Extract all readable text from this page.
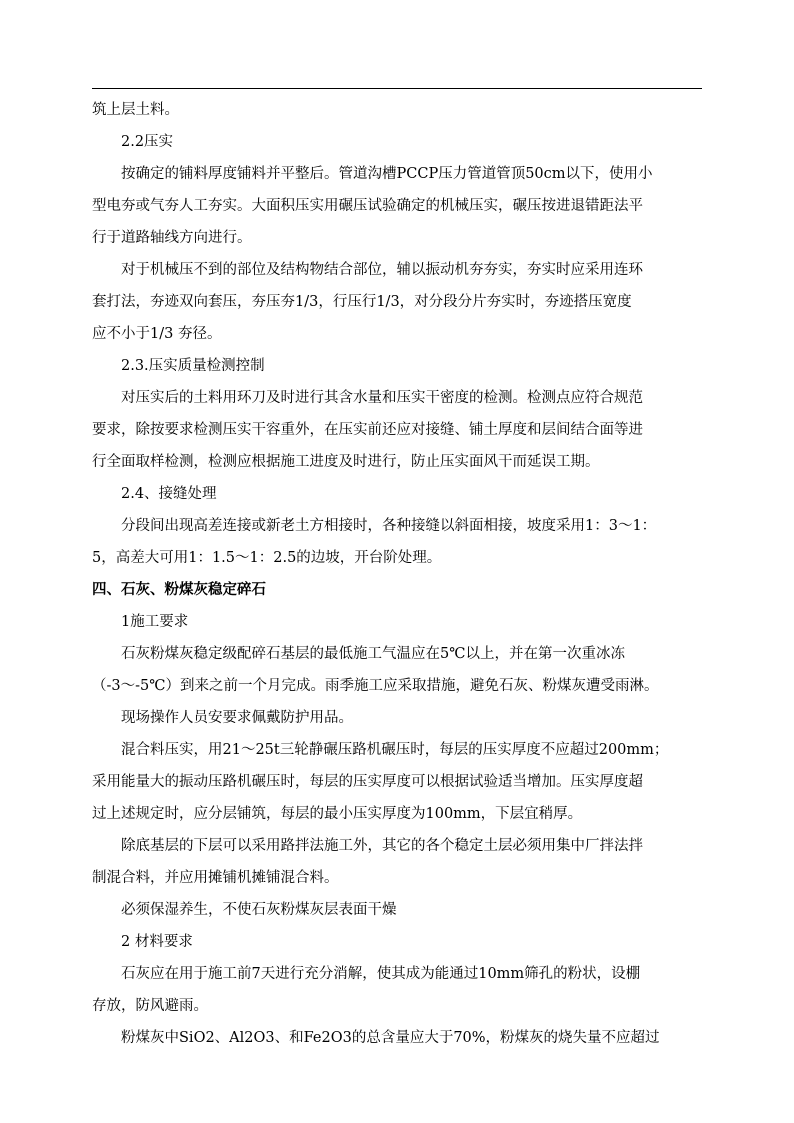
筑上层土料。

2.2压实

按确定的铺料厚度铺料并平整后。管道沟槽PCCP压力管道管顶50cm以下，使用小

型电夯或气夯人工夯实。大面积压实用碾压试验确定的机械压实，碾压按进退错距法平

行于道路轴线方向进行。

对于机械压不到的部位及结构物结合部位，辅以振动机夯夯实，夯实时应采用连环

套打法，夯迹双向套压，夯压夯1/3，行压行1/3，对分段分片夯实时，夯迹搭压宽度

应不小于1/3 夯径。

2.3.压实质量检测控制

对压实后的土料用环刀及时进行其含水量和压实干密度的检测。检测点应符合规范

要求，除按要求检测压实干容重外，在压实前还应对接缝、铺土厚度和层间结合面等进

行全面取样检测，检测应根据施工进度及时进行，防止压实面风干而延误工期。

2.4、接缝处理

分段间出现高差连接或新老土方相接时，各种接缝以斜面相接，坡度采用1：3～1：

5，高差大可用1：1.5～1：2.5的边坡，开台阶处理。

四、石灰、粉煤灰稳定碎石

1施工要求

石灰粉煤灰稳定级配碎石基层的最低施工气温应在5℃以上，并在第一次重冰冻

（-3～-5℃）到来之前一个月完成。雨季施工应采取措施，避免石灰、粉煤灰遭受雨淋。

现场操作人员安要求佩戴防护用品。

混合料压实，用21～25t三轮静碾压路机碾压时，每层的压实厚度不应超过200mm；

采用能量大的振动压路机碾压时，每层的压实厚度可以根据试验适当增加。压实厚度超

过上述规定时，应分层铺筑，每层的最小压实厚度为100mm，下层宜稍厚。

除底基层的下层可以采用路拌法施工外，其它的各个稳定土层必须用集中厂拌法拌

制混合料，并应用摊铺机摊铺混合料。

必须保湿养生，不使石灰粉煤灰层表面干燥

2 材料要求

石灰应在用于施工前7天进行充分消解，使其成为能通过10mm筛孔的粉状，设棚

存放，防风避雨。

粉煤灰中SiO2、Al2O3、和Fe2O3的总含量应大于70%，粉煤灰的烧失量不应超过
